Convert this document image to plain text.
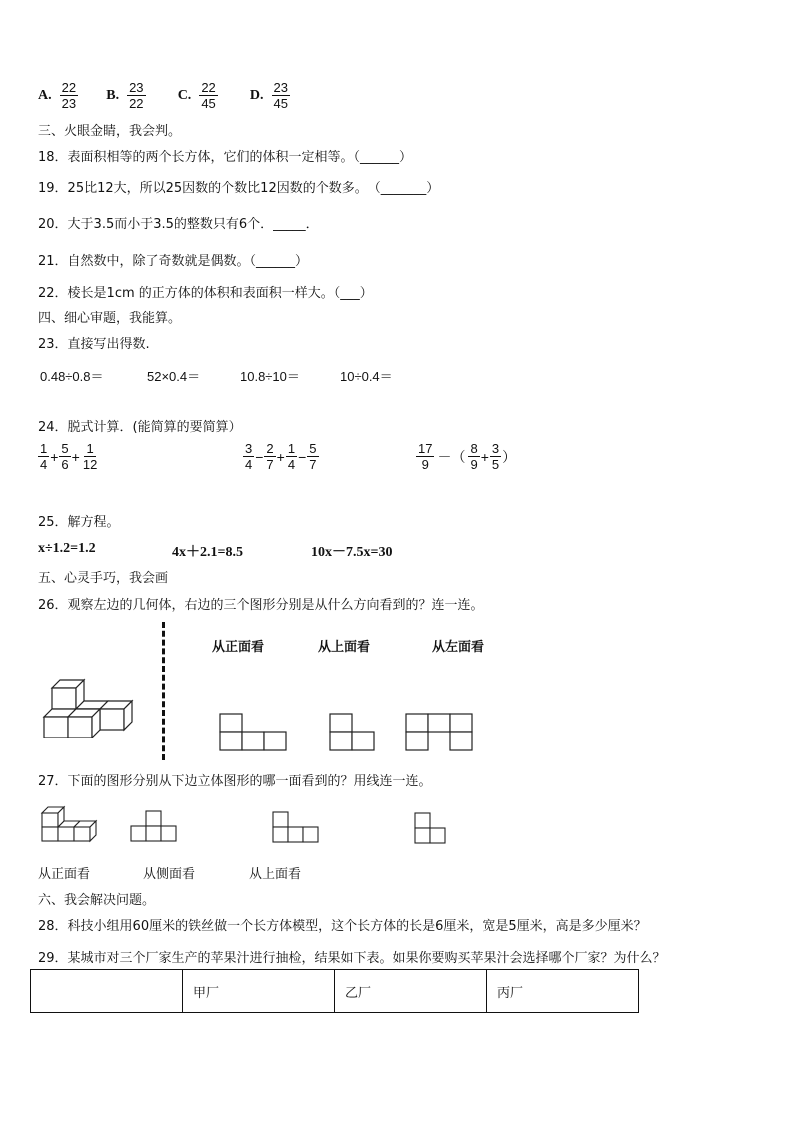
A. $\frac{22}{23}$
B. $\frac{23}{22}$
C. $\frac{22}{45}$
D. $\frac{23}{45}$
三、火眼金睛，我会判。
18．表面积相等的两个长方体，它们的体积一定相等。（______）
19．25比12大，所以25因数的个数比12因数的个数多。　（_______）
20．大于3.5而小于3.5的整数只有6个．_____．
21．自然数中，除了奇数就是偶数。（______）
22．棱长是1cm 的正方体的体积和表面积一样大。（___）
四、细心审题，我能算。
23．直接写出得数.
0.48÷0.8＝	52×0.4＝	10.8÷10＝	10÷0.4＝
24．脱式计算．(能简算的要简算）
$\frac{1}{4} + \frac{5}{6} + \frac{1}{12}$	$\frac{3}{4} - \frac{2}{7} + \frac{1}{4} - \frac{5}{7}$	$\frac{17}{9}$ －（ $\frac{8}{9} + \frac{3}{5}$ ）
25．解方程。
x÷1.2=1.2	4x＋2.1=8.5	10x－7.5x=30
五、心灵手巧，我会画
26．观察左边的几何体，右边的三个图形分别是从什么方向看到的？连一连。
从正面看	从上面看	从左面看
27．下面的图形分别从下边立体图形的哪一面看到的？用线连一连。
从正面看	从侧面看	从上面看
六、我会解决问题。
28．科技小组用60厘米的铁丝做一个长方体模型，这个长方体的长是6厘米，宽是5厘米，高是多少厘米？
29．某城市对三个厂家生产的苹果汁进行抽检，结果如下表。如果你要购买苹果汁会选择哪个厂家？为什么？
	甲厂	乙厂	丙厂
